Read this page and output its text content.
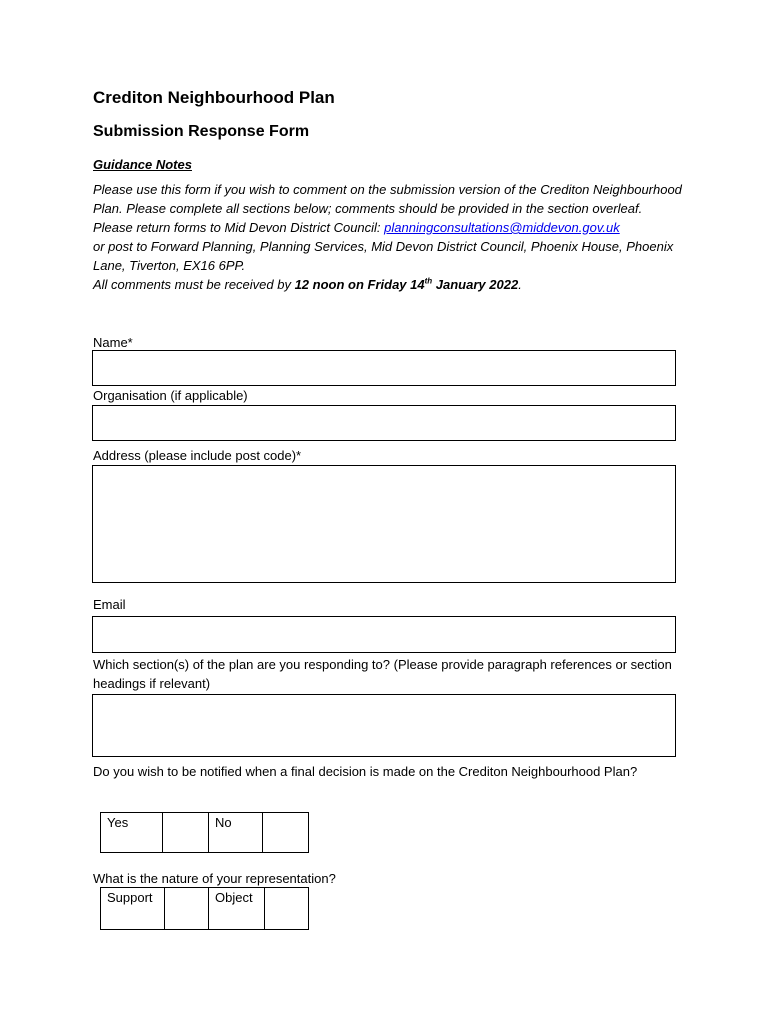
Crediton Neighbourhood Plan
Submission Response Form
Guidance Notes

Please use this form if you wish to comment on the submission version of the Crediton Neighbourhood Plan. Please complete all sections below; comments should be provided in the section overleaf.

Please return forms to Mid Devon District Council: planningconsultations@middevon.gov.uk

or post to Forward Planning, Planning Services, Mid Devon District Council, Phoenix House, Phoenix Lane, Tiverton, EX16 6PP.

All comments must be received by 12 noon on Friday 14th January 2022.

Name*
Organisation (if applicable)
Address (please include post code)*
Email
Which section(s) of the plan are you responding to? (Please provide paragraph references or section headings if relevant)
Do you wish to be notified when a final decision is made on the Crediton Neighbourhood Plan?
Yes		No	
What is the nature of your representation?
Support		Object	
